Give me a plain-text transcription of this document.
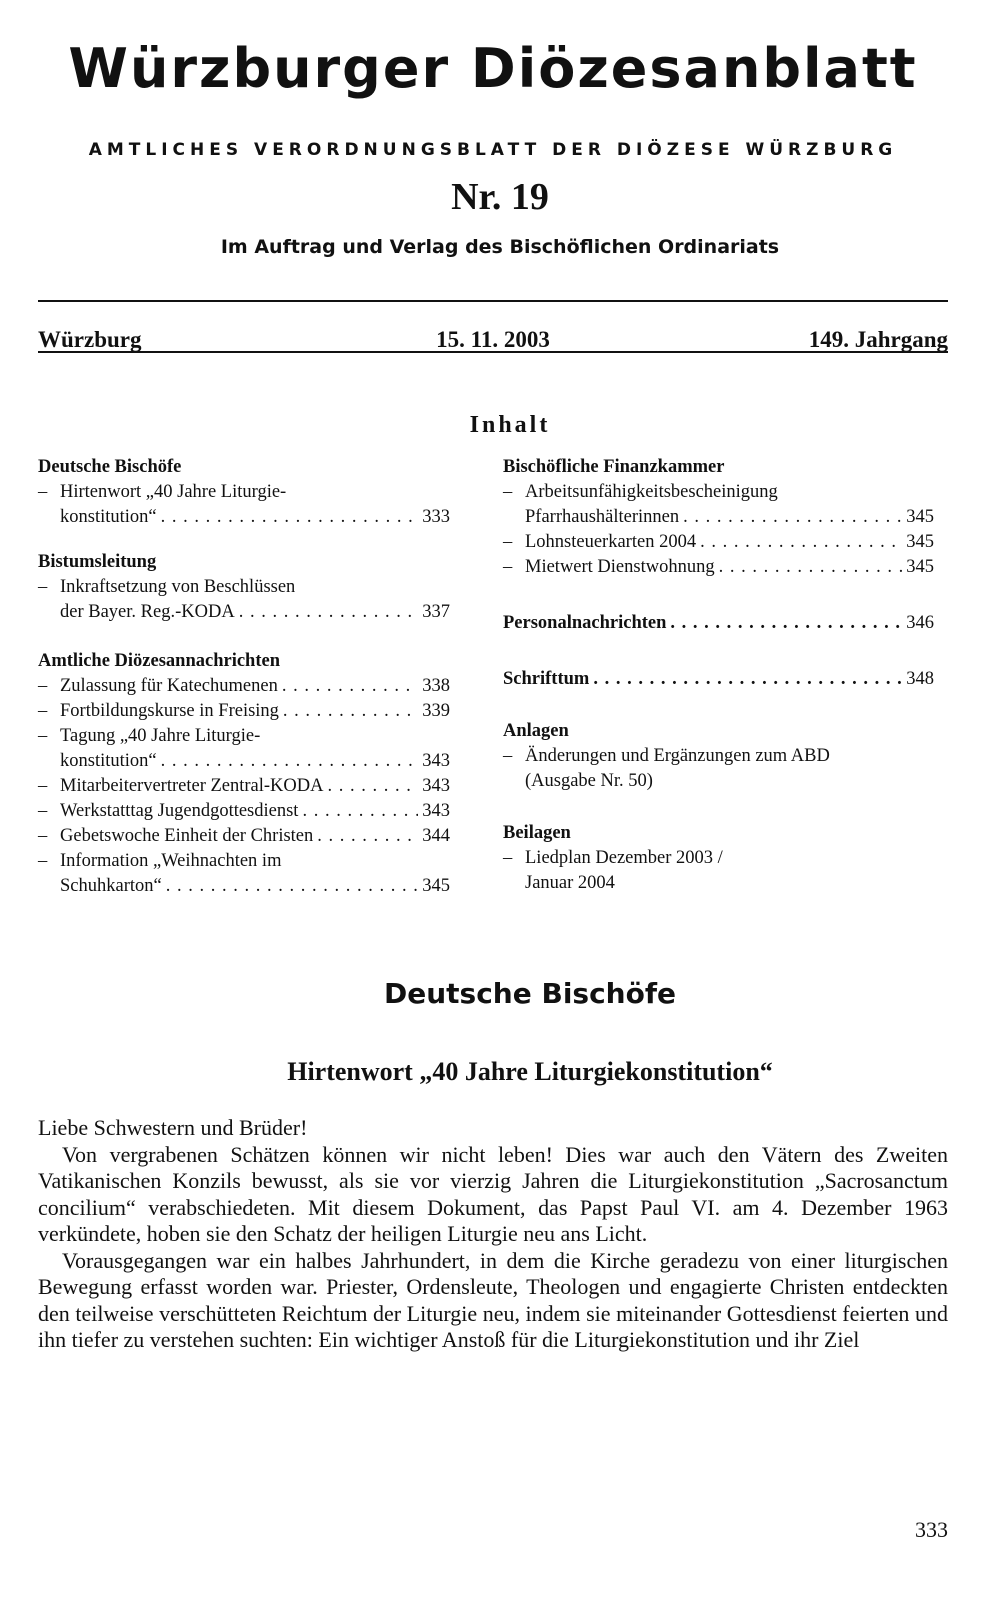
Würzburger Diözesanblatt
AMTLICHES VERORDNUNGSBLATT DER DIÖZESE WÜRZBURG
Nr. 19
Im Auftrag und Verlag des Bischöflichen Ordinariats
Würzburg	15. 11. 2003	149. Jahrgang
Inhalt
Deutsche Bischöfe
– Hirtenwort „40 Jahre Liturgie-
konstitution“ . . .	333
Bistumsleitung
– Inkraftsetzung von Beschlüssen
der Bayer. Reg.-KODA . . .	337
Amtliche Diözesannachrichten
– Zulassung für Katechumenen . . .	338
– Fortbildungskurse in Freising . . .	339
– Tagung „40 Jahre Liturgie-
konstitution“ . . .	343
– Mitarbeitervertreter Zentral-KODA . . .	343
– Werkstatttag Jugendgottesdienst . . .	343
– Gebetswoche Einheit der Christen . . .	344
– Information „Weihnachten im
Schuhkarton“ . . .	345
Bischöfliche Finanzkammer
– Arbeitsunfähigkeitsbescheinigung
Pfarrhaushälterinnen . . .	345
– Lohnsteuerkarten 2004 . . .	345
– Mietwert Dienstwohnung . . .	345
Personalnachrichten . . .	346
Schrifttum . . .	348
Anlagen
– Änderungen und Ergänzungen zum ABD
(Ausgabe Nr. 50)
Beilagen
– Liedplan Dezember 2003 /
Januar 2004
Deutsche Bischöfe
Hirtenwort „40 Jahre Liturgiekonstitution“

Liebe Schwestern und Brüder!

Von vergrabenen Schätzen können wir nicht leben! Dies war auch den Vätern des Zweiten Vatikanischen Konzils bewusst, als sie vor vierzig Jahren die Liturgiekonstitution „Sacrosanctum concilium“ verabschiedeten. Mit diesem Dokument, das Papst Paul VI. am 4. Dezember 1963 verkündete, hoben sie den Schatz der heiligen Liturgie neu ans Licht.

Vorausgegangen war ein halbes Jahrhundert, in dem die Kirche geradezu von einer liturgischen Bewegung erfasst worden war. Priester, Ordensleute, Theologen und engagierte Christen entdeckten den teilweise verschütteten Reichtum der Liturgie neu, indem sie miteinander Gottesdienst feierten und ihn tiefer zu verstehen suchten: Ein wichtiger Anstoß für die Liturgiekonstitution und ihr Ziel

333
